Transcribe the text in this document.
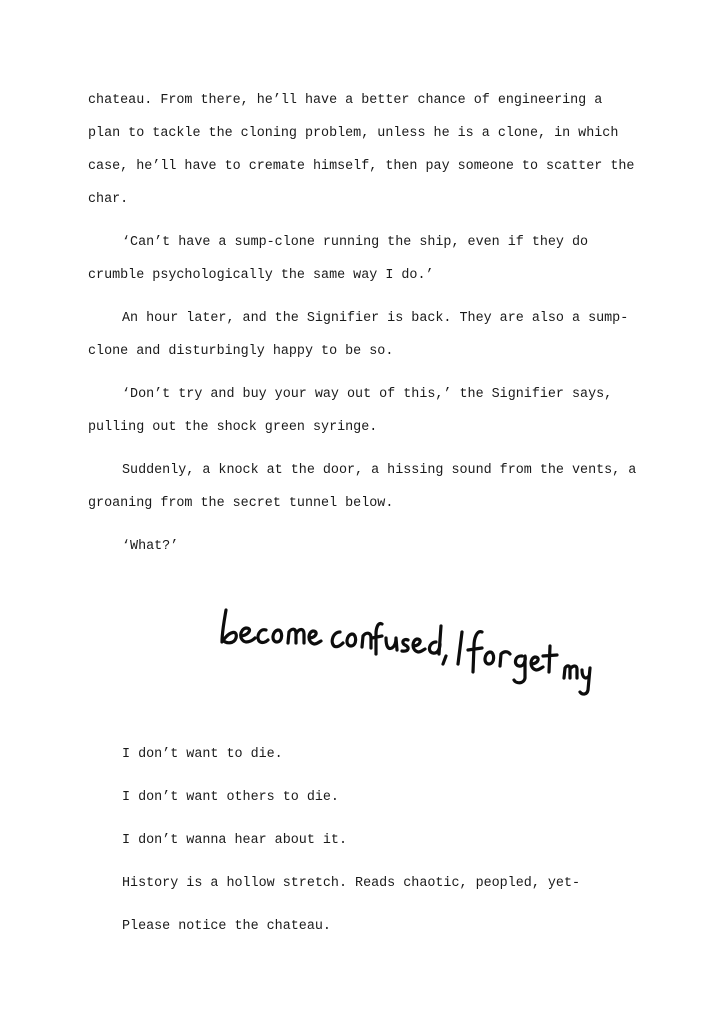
chateau. From there, he’ll have a better chance of engineering a plan to tackle the cloning problem, unless he is a clone, in which case, he’ll have to cremate himself, then pay someone to scatter the char.

‘Can’t have a sump-clone running the ship, even if they do crumble psychologically the same way I do.’

An hour later, and the Signifier is back. They are also a sump-clone and disturbingly happy to be so.

‘Don’t try and buy your way out of this,’ the Signifier says, pulling out the shock green syringe.

Suddenly, a knock at the door, a hissing sound from the vents, a groaning from the secret tunnel below.

‘What?’

I don’t want to die.

I don’t want others to die.

I don’t wanna hear about it.

History is a hollow stretch. Reads chaotic, peopled, yet-

Please notice the chateau.
